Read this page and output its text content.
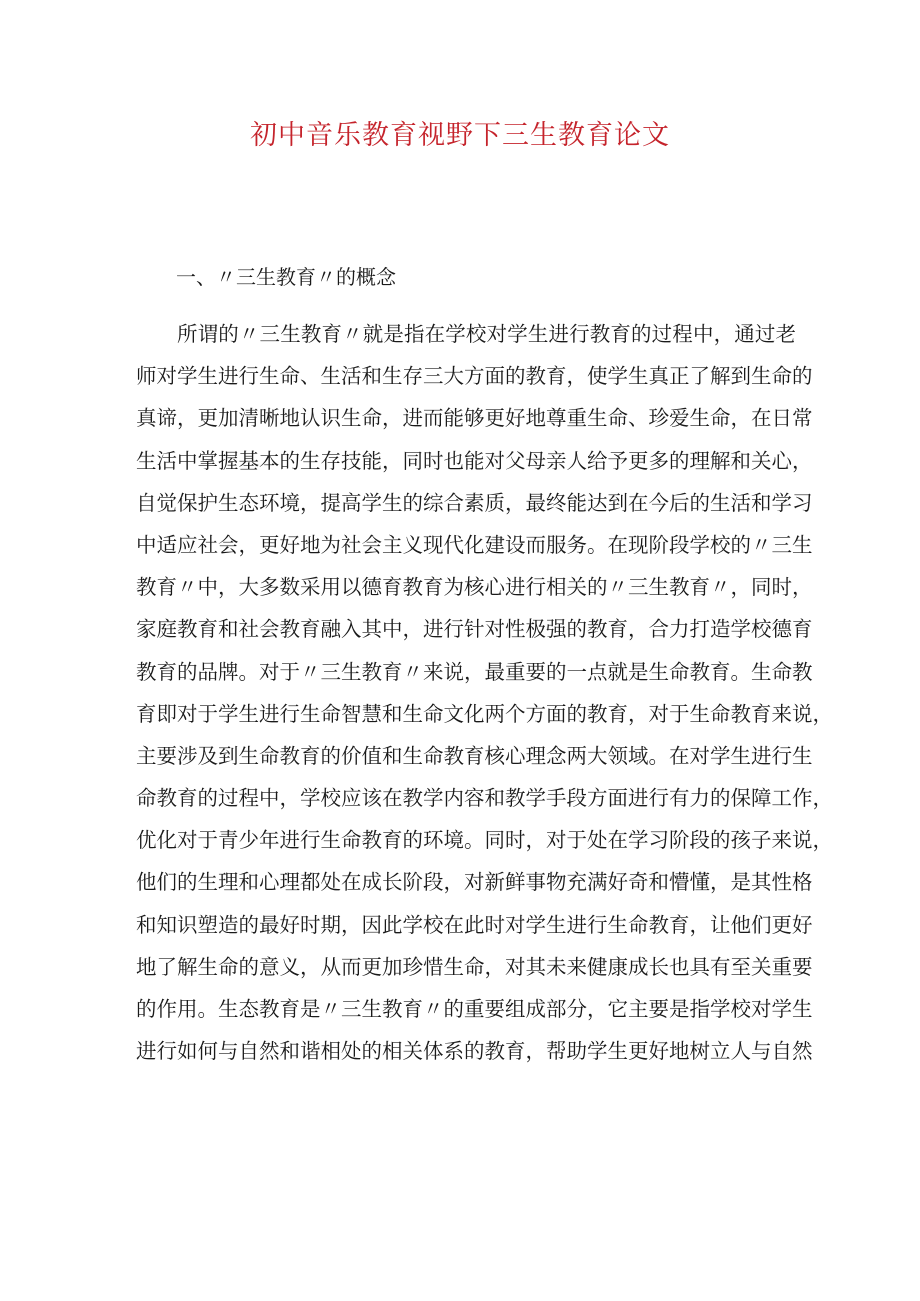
初中音乐教育视野下三生教育论文
一、〃三生教育〃的概念
所谓的〃三生教育〃就是指在学校对学生进行教育的过程中，通过老
师对学生进行生命、生活和生存三大方面的教育，使学生真正了解到生命的
真谛，更加清晰地认识生命，进而能够更好地尊重生命、珍爱生命，在日常
生活中掌握基本的生存技能，同时也能对父母亲人给予更多的理解和关心，
自觉保护生态环境，提高学生的综合素质，最终能达到在今后的生活和学习
中适应社会，更好地为社会主义现代化建设而服务。在现阶段学校的〃三生
教育〃中，大多数采用以德育教育为核心进行相关的〃三生教育〃，同时，
家庭教育和社会教育融入其中，进行针对性极强的教育，合力打造学校德育
教育的品牌。对于〃三生教育〃来说，最重要的一点就是生命教育。生命教
育即对于学生进行生命智慧和生命文化两个方面的教育，对于生命教育来说，
主要涉及到生命教育的价值和生命教育核心理念两大领域。在对学生进行生
命教育的过程中，学校应该在教学内容和教学手段方面进行有力的保障工作，
优化对于青少年进行生命教育的环境。同时，对于处在学习阶段的孩子来说，
他们的生理和心理都处在成长阶段，对新鲜事物充满好奇和懵懂，是其性格
和知识塑造的最好时期，因此学校在此时对学生进行生命教育，让他们更好
地了解生命的意义，从而更加珍惜生命，对其未来健康成长也具有至关重要
的作用。生态教育是〃三生教育〃的重要组成部分，它主要是指学校对学生
进行如何与自然和谐相处的相关体系的教育，帮助学生更好地树立人与自然
